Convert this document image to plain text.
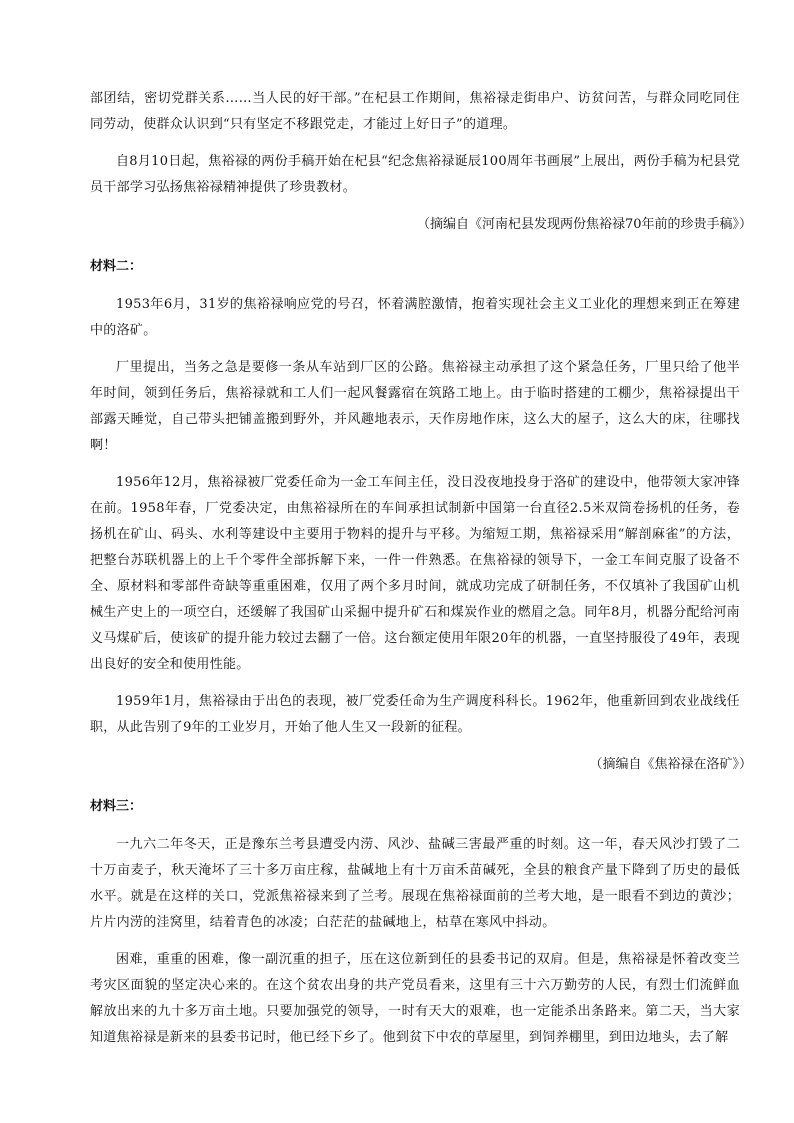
部团结，密切党群关系……当人民的好干部。”在杞县工作期间，焦裕禄走街串户、访贫问苦，与群众同吃同住同劳动，使群众认识到“只有坚定不移跟党走，才能过上好日子”的道理。

自8月10日起，焦裕禄的两份手稿开始在杞县“纪念焦裕禄诞辰100周年书画展”上展出，两份手稿为杞县党员干部学习弘扬焦裕禄精神提供了珍贵教材。

（摘编自《河南杞县发现两份焦裕禄70年前的珍贵手稿》）
材料二：

1953年6月，31岁的焦裕禄响应党的号召，怀着满腔激情，抱着实现社会主义工业化的理想来到正在筹建中的洛矿。

厂里提出，当务之急是要修一条从车站到厂区的公路。焦裕禄主动承担了这个紧急任务，厂里只给了他半年时间，领到任务后，焦裕禄就和工人们一起风餐露宿在筑路工地上。由于临时搭建的工棚少，焦裕禄提出干部露天睡觉，自己带头把铺盖搬到野外，并风趣地表示，天作房地作床，这么大的屋子，这么大的床，往哪找啊！

1956年12月，焦裕禄被厂党委任命为一金工车间主任，没日没夜地投身于洛矿的建设中，他带领大家冲锋在前。1958年春，厂党委决定，由焦裕禄所在的车间承担试制新中国第一台直径2.5米双筒卷扬机的任务，卷扬机在矿山、码头、水利等建设中主要用于物料的提升与平移。为缩短工期，焦裕禄采用“解剖麻雀”的方法，把整台苏联机器上的上千个零件全部拆解下来，一件一件熟悉。在焦裕禄的领导下，一金工车间克服了设备不全、原材料和零部件奇缺等重重困难，仅用了两个多月时间，就成功完成了研制任务，不仅填补了我国矿山机械生产史上的一项空白，还缓解了我国矿山采掘中提升矿石和煤炭作业的燃眉之急。同年8月，机器分配给河南义马煤矿后，使该矿的提升能力较过去翻了一倍。这台额定使用年限20年的机器，一直坚持服役了49年，表现出良好的安全和使用性能。

1959年1月，焦裕禄由于出色的表现，被厂党委任命为生产调度科科长。1962年，他重新回到农业战线任职，从此告别了9年的工业岁月，开始了他人生又一段新的征程。

（摘编自《焦裕禄在洛矿》）
材料三：

一九六二年冬天，正是豫东兰考县遭受内涝、风沙、盐碱三害最严重的时刻。这一年，春天风沙打毁了二十万亩麦子，秋天淹坏了三十多万亩庄稼，盐碱地上有十万亩禾苗碱死，全县的粮食产量下降到了历史的最低水平。就是在这样的关口，党派焦裕禄来到了兰考。展现在焦裕禄面前的兰考大地，是一眼看不到边的黄沙；片片内涝的洼窝里，结着青色的冰凌；白茫茫的盐碱地上，枯草在寒风中抖动。

困难，重重的困难，像一副沉重的担子，压在这位新到任的县委书记的双肩。但是，焦裕禄是怀着改变兰考灾区面貌的坚定决心来的。在这个贫农出身的共产党员看来，这里有三十六万勤劳的人民，有烈士们流鲜血解放出来的九十多万亩土地。只要加强党的领导，一时有天大的艰难，也一定能杀出条路来。第二天，当大家知道焦裕禄是新来的县委书记时，他已经下乡了。他到贫下中农的草屋里，到饲养棚里，到田边地头，去了解
